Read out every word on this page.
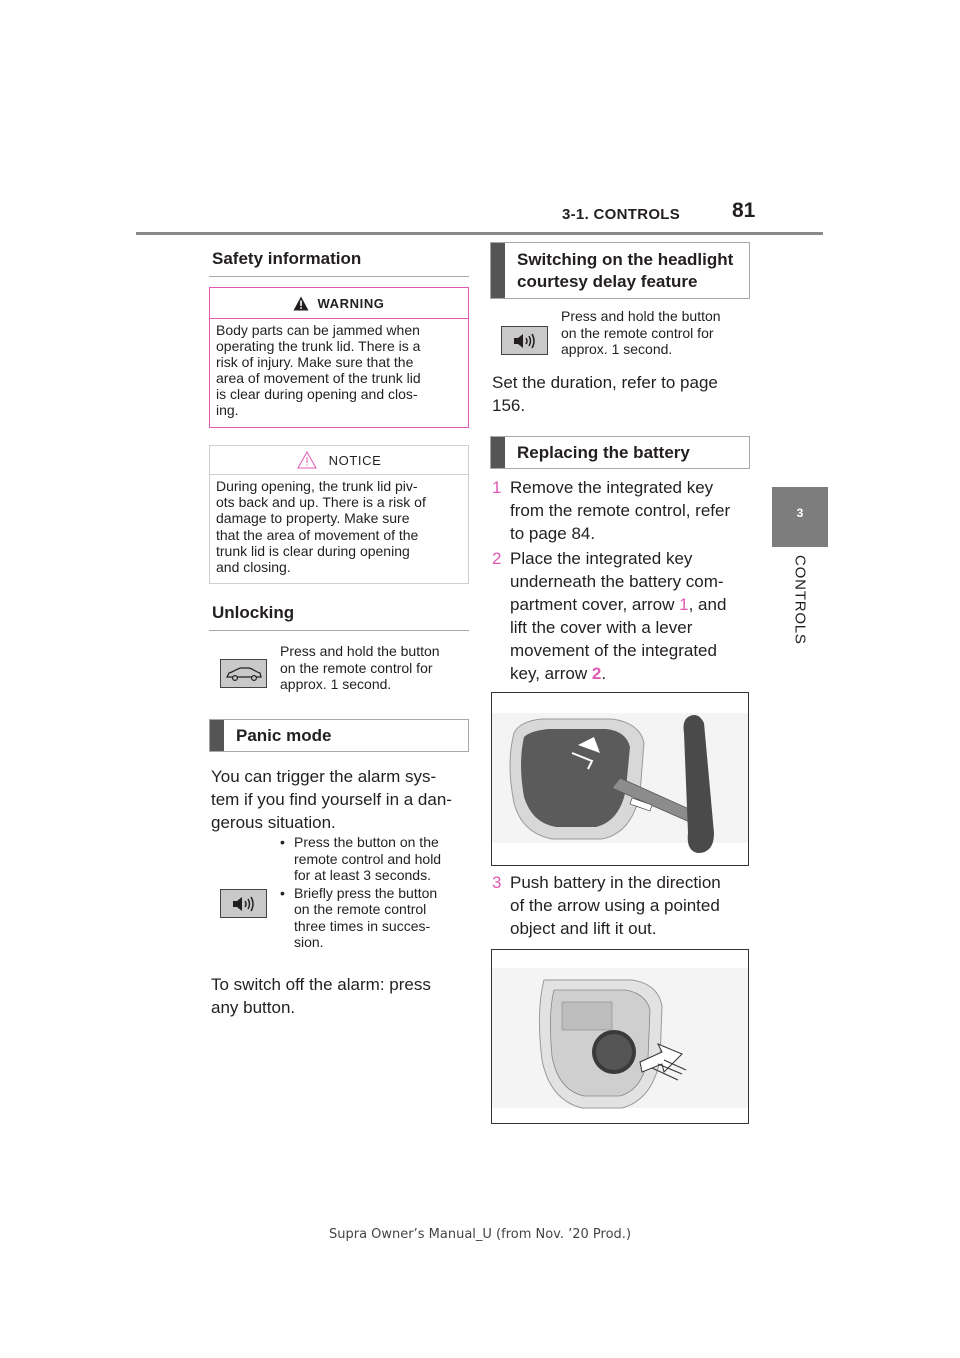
3-1. CONTROLS 81
3
CONTROLS
Safety information
WARNING
Body parts can be jammed when
operating the trunk lid. There is a
risk of injury. Make sure that the
area of movement of the trunk lid
is clear during opening and clos-
ing.
NOTICE
During opening, the trunk lid piv-
ots back and up. There is a risk of
damage to property. Make sure
that the area of movement of the
trunk lid is clear during opening
and closing.
Unlocking
Press and hold the button
on the remote control for
approx. 1 second.
Panic mode
You can trigger the alarm sys-
tem if you find yourself in a dan-
gerous situation.
• Press the button on the
remote control and hold
for at least 3 seconds.
• Briefly press the button
on the remote control
three times in succes-
sion.
To switch off the alarm: press
any button.
Switching on the headlight
courtesy delay feature
Press and hold the button
on the remote control for
approx. 1 second.
Set the duration, refer to page
156.
Replacing the battery
1 Remove the integrated key
from the remote control, refer
to page 84.
2 Place the integrated key
underneath the battery com-
partment cover, arrow 1, and
lift the cover with a lever
movement of the integrated
key, arrow 2.
3 Push battery in the direction
of the arrow using a pointed
object and lift it out.
Supra Owner’s Manual_U (from Nov. ’20 Prod.)
